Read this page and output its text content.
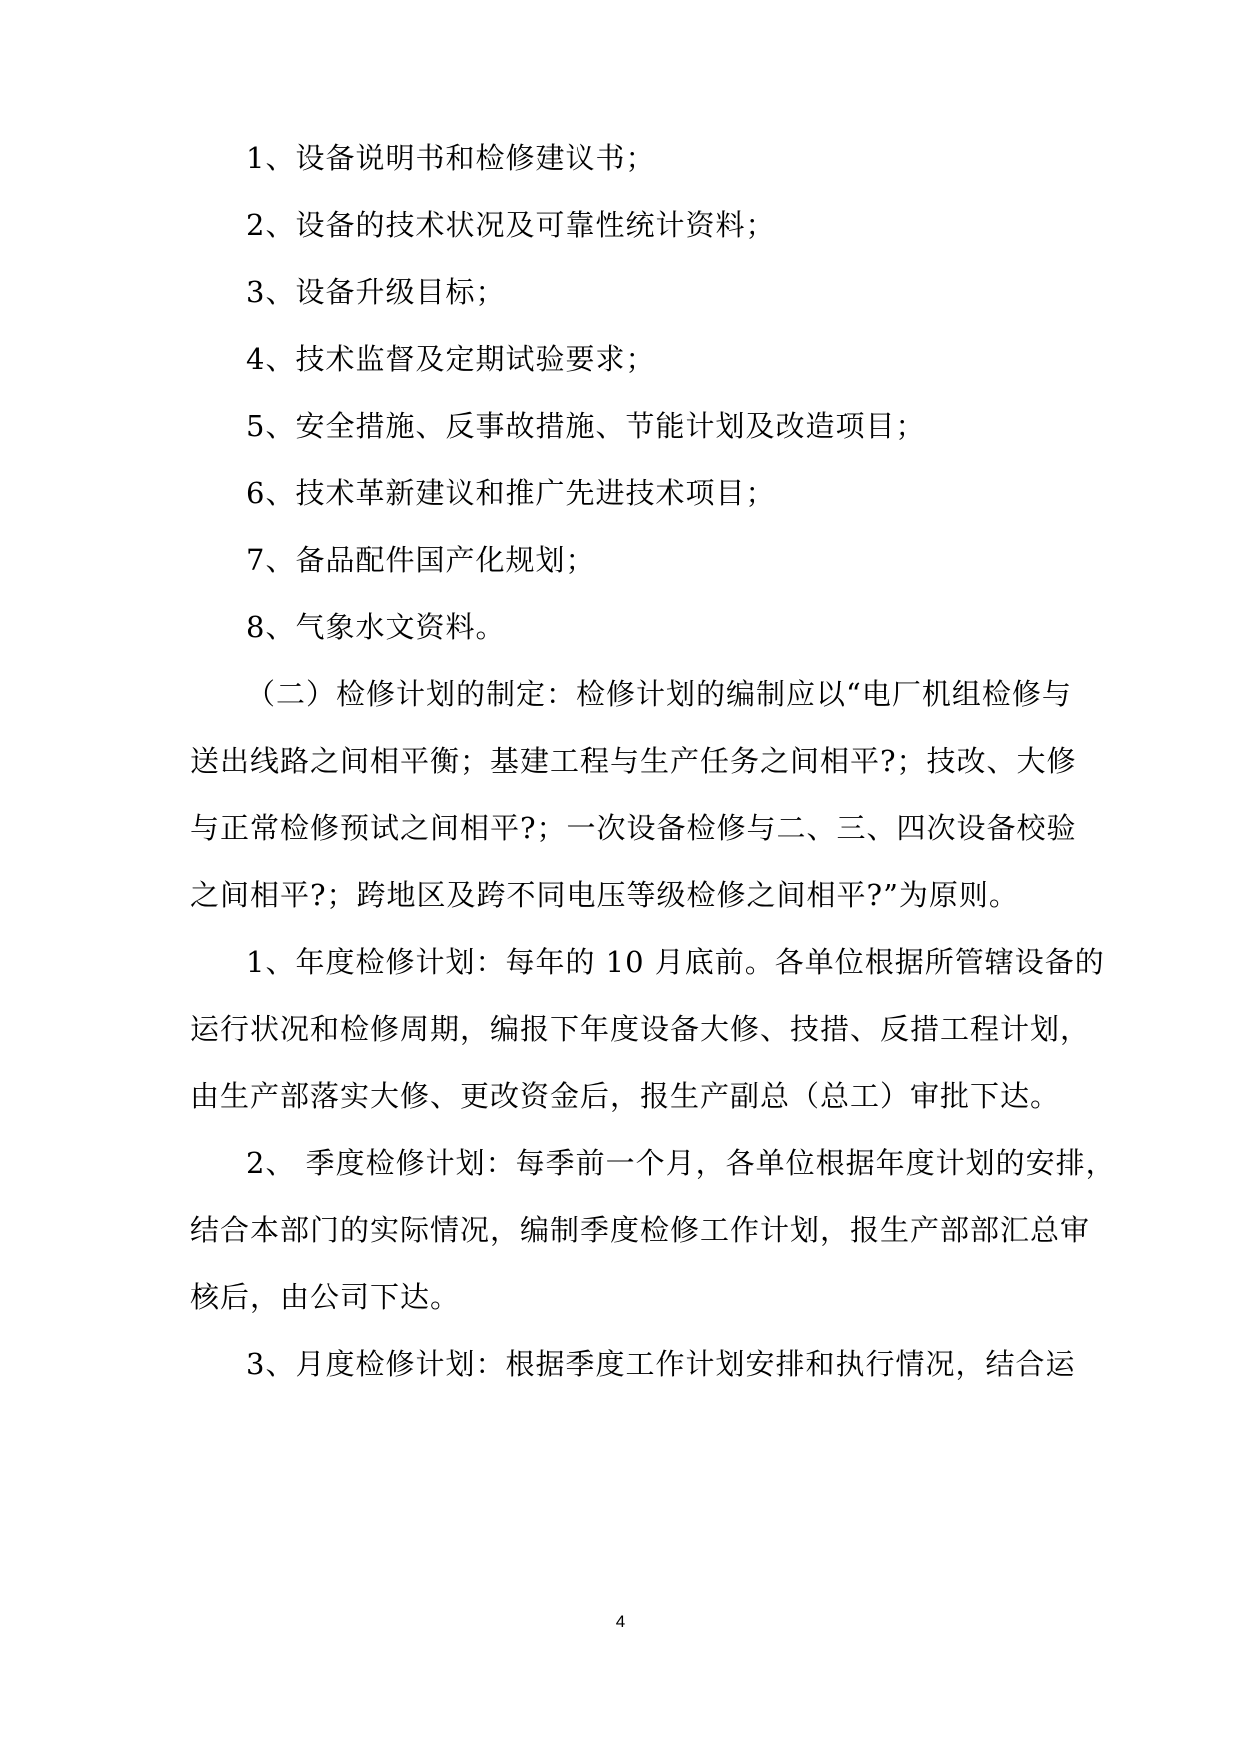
1、设备说明书和检修建议书；
2、设备的技术状况及可靠性统计资料；
3、设备升级目标；
4、技术监督及定期试验要求；
5、安全措施、反事故措施、节能计划及改造项目；
6、技术革新建议和推广先进技术项目；
7、备品配件国产化规划；
8、气象水文资料。
（二）检修计划的制定：检修计划的编制应以“电厂机组检修与
送出线路之间相平衡；基建工程与生产任务之间相平?；技改、大修
与正常检修预试之间相平?；一次设备检修与二、三、四次设备校验
之间相平?；跨地区及跨不同电压等级检修之间相平?”为原则。
1、年度检修计划：每年的 10 月底前。各单位根据所管辖设备的
运行状况和检修周期，编报下年度设备大修、技措、反措工程计划，
由生产部落实大修、更改资金后，报生产副总（总工）审批下达。
2、 季度检修计划：每季前一个月，各单位根据年度计划的安排，
结合本部门的实际情况，编制季度检修工作计划，报生产部部汇总审
核后，由公司下达。
3、月度检修计划：根据季度工作计划安排和执行情况，结合运
4
